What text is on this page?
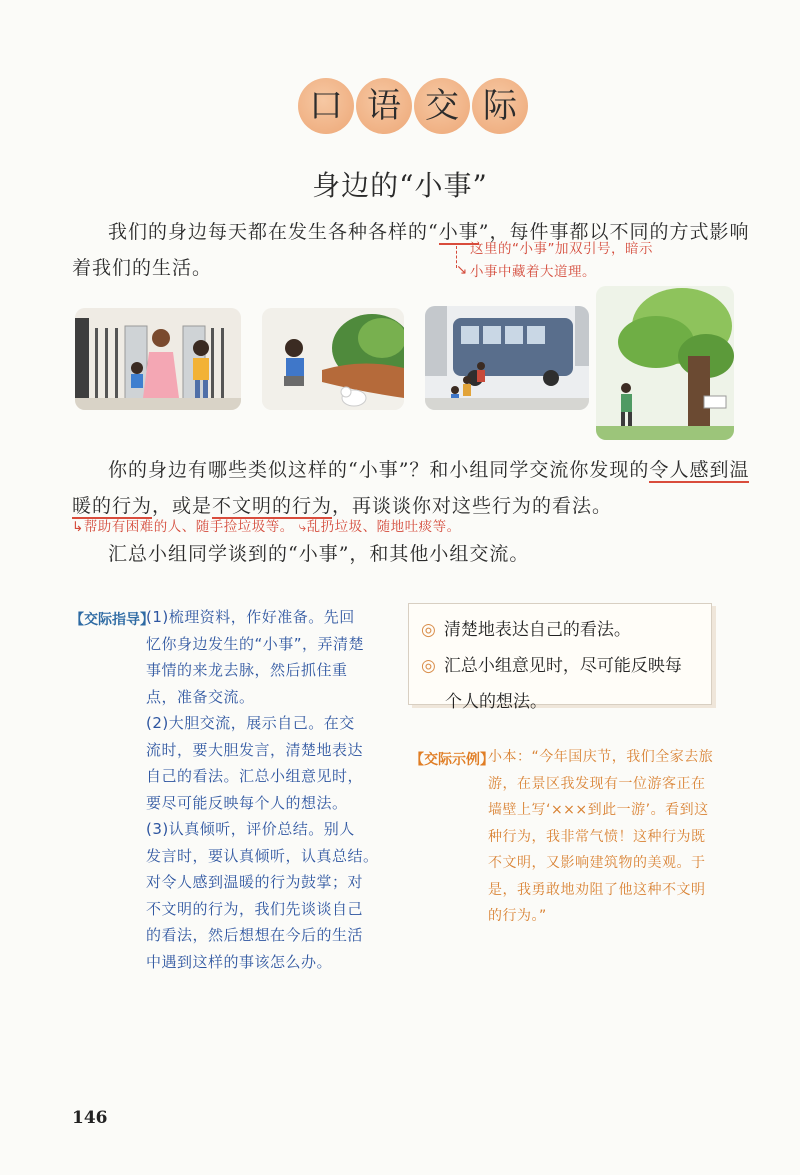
口 语 交 际
身边的“小事”
我们的身边每天都在发生各种各样的“小事”，每件事都以不同的方式影响
着我们的生活。	↘
这里的“小事”加双引号，暗示
小事中藏着大道理。
你的身边有哪些类似这样的“小事”？和小组同学交流你发现的令人感到温
暖的行为，或是不文明的行为，再谈谈你对这些行为的看法。
↳帮助有困难的人、随手捡垃圾等。 ⤷乱扔垃圾、随地吐痰等。
汇总小组同学谈到的“小事”，和其他小组交流。
【交际指导】
(1)梳理资料，作好准备。先回
忆你身边发生的“小事”，弄清楚
事情的来龙去脉，然后抓住重
点，准备交流。
(2)大胆交流，展示自己。在交
流时，要大胆发言，清楚地表达
自己的看法。汇总小组意见时，
要尽可能反映每个人的想法。
(3)认真倾听，评价总结。别人
发言时，要认真倾听，认真总结。
对令人感到温暖的行为鼓掌；对
不文明的行为，我们先谈谈自己
的看法，然后想想在今后的生活
中遇到这样的事该怎么办。
◎ 清楚地表达自己的看法。
◎ 汇总小组意见时，尽可能反映每
个人的想法。
【交际示例】
小本：“今年国庆节，我们全家去旅
游，在景区我发现有一位游客正在
墙壁上写‘×××到此一游’。看到这
种行为，我非常气愤！这种行为既
不文明，又影响建筑物的美观。于
是，我勇敢地劝阻了他这种不文明
的行为。”
146
